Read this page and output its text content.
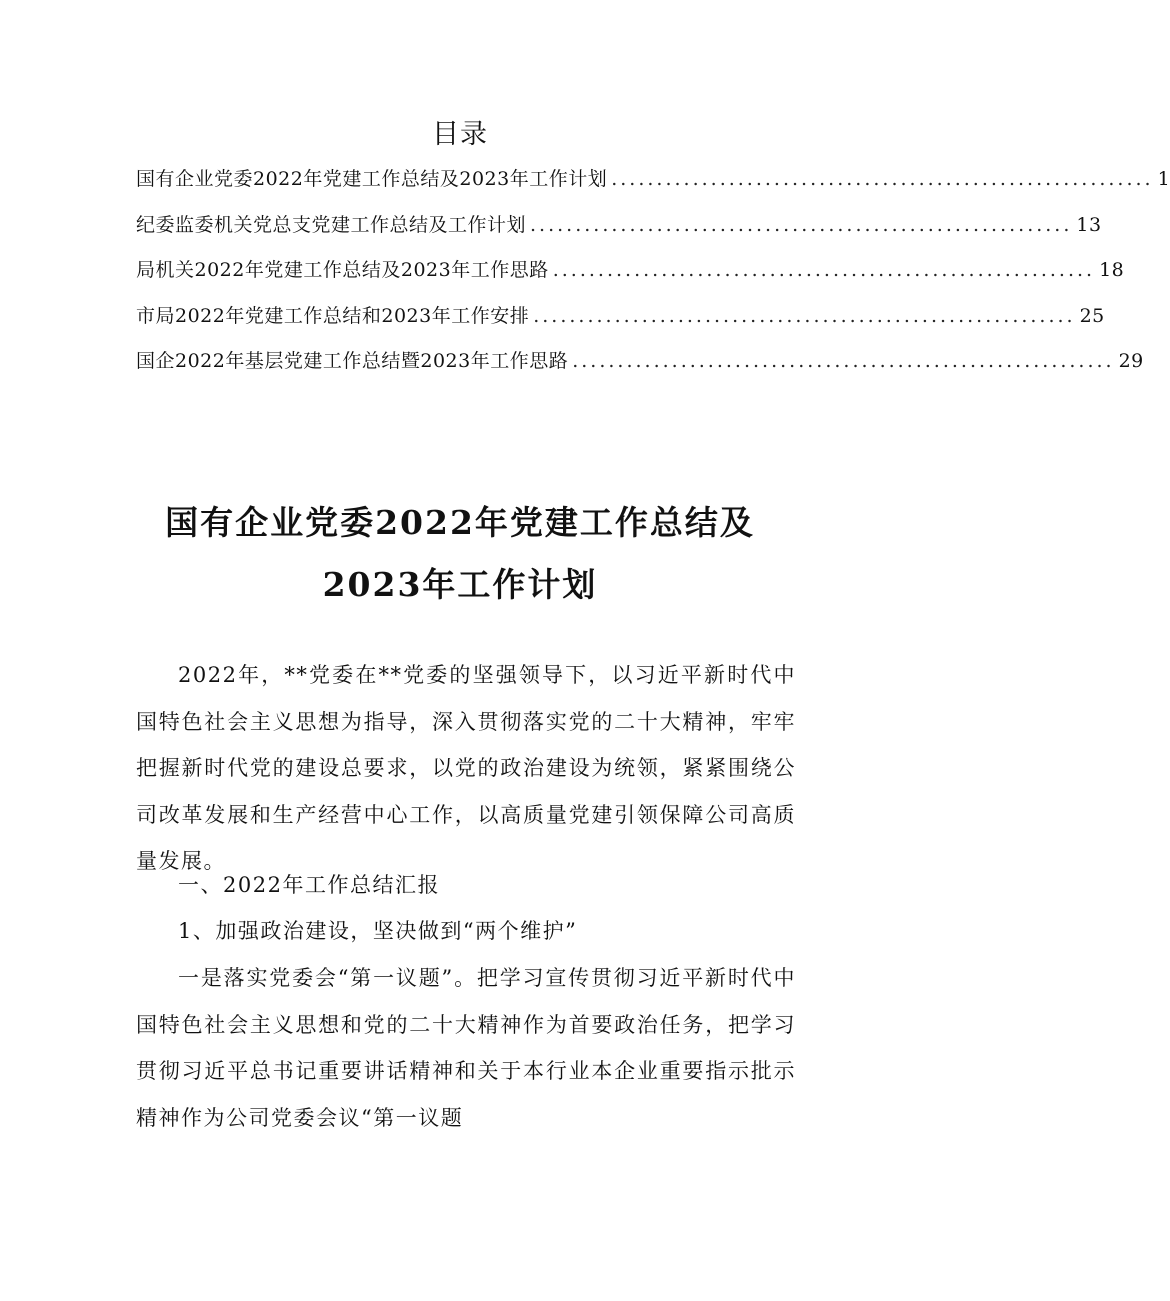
目录
国有企业党委2022年党建工作总结及2023年工作计划 ............................................................ 1
纪委监委机关党总支党建工作总结及工作计划 ............................................................ 13
局机关2022年党建工作总结及2023年工作思路 ............................................................ 18
市局2022年党建工作总结和2023年工作安排 ............................................................ 25
国企2022年基层党建工作总结暨2023年工作思路 ............................................................ 29
国有企业党委2022年党建工作总结及2023年工作计划

2022年，**党委在**党委的坚强领导下，以习近平新时代中国特色社会主义思想为指导，深入贯彻落实党的二十大精神，牢牢把握新时代党的建设总要求，以党的政治建设为统领，紧紧围绕公司改革发展和生产经营中心工作，以高质量党建引领保障公司高质量发展。

一、2022年工作总结汇报

1、加强政治建设，坚决做到“两个维护”

一是落实党委会“第一议题”。把学习宣传贯彻习近平新时代中国特色社会主义思想和党的二十大精神作为首要政治任务，把学习贯彻习近平总书记重要讲话精神和关于本行业本企业重要指示批示精神作为公司党委会议“第一议题
